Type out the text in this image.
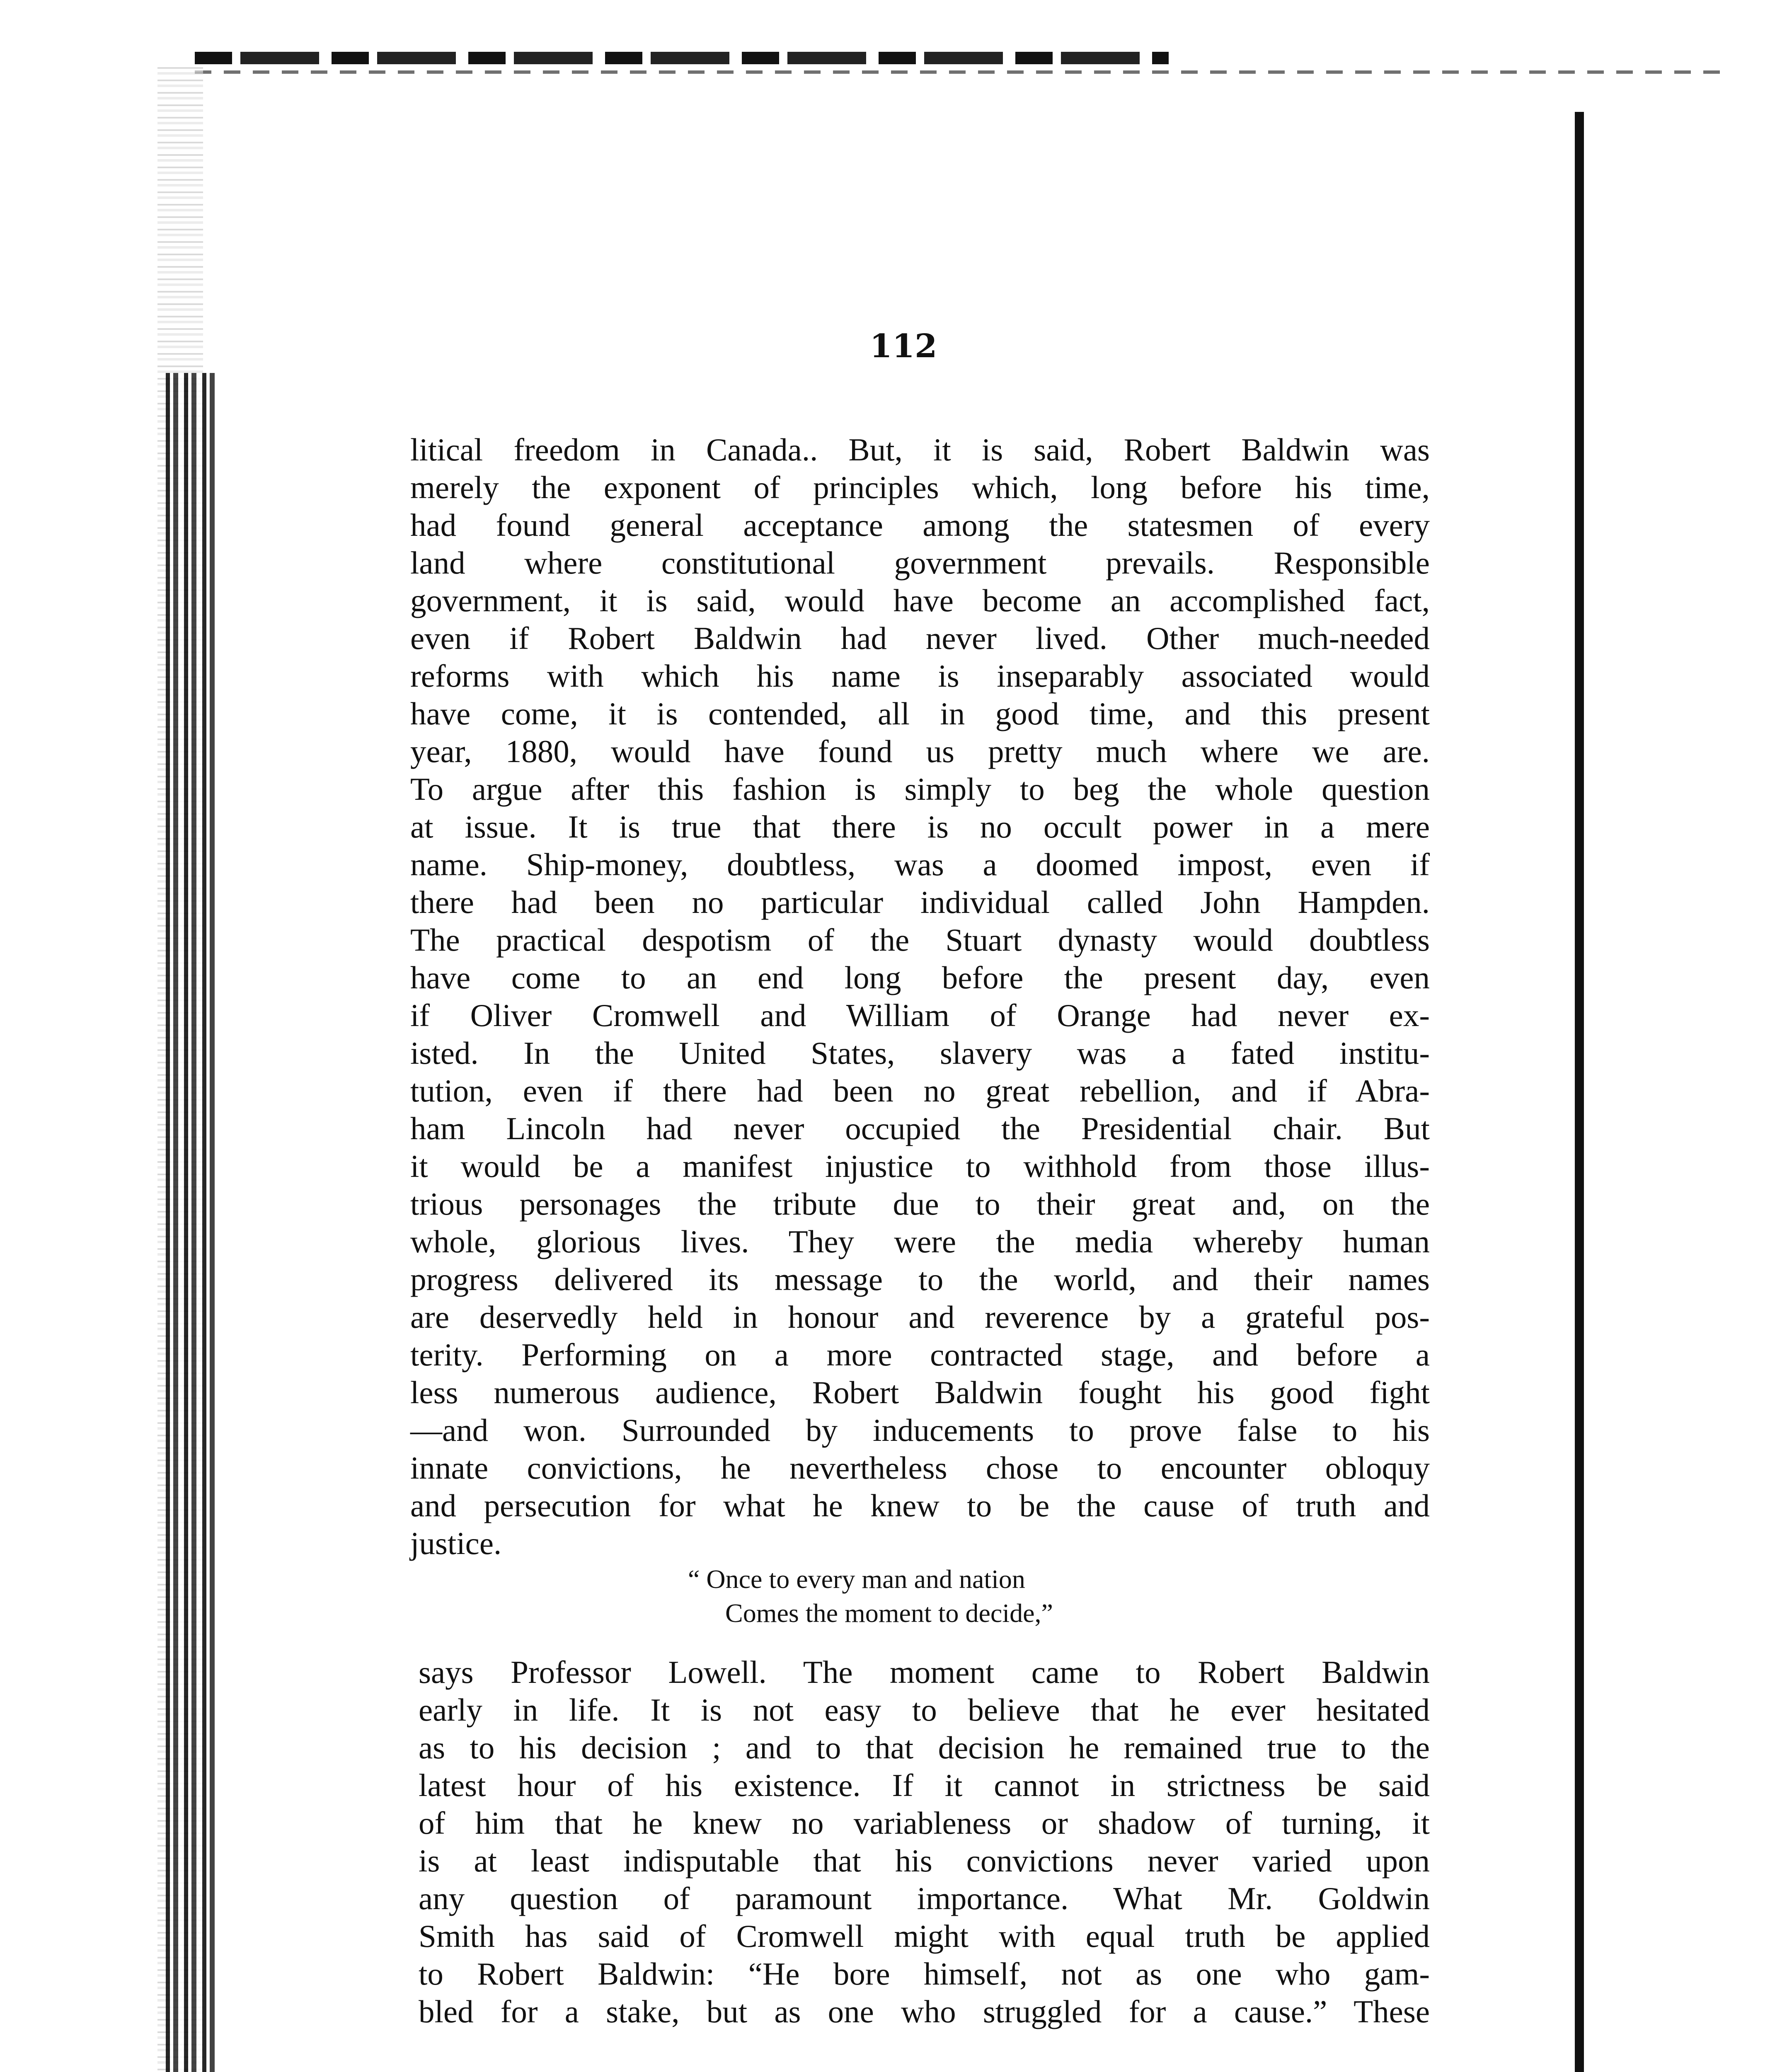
112
litical freedom in Canada.. But, it is said, Robert Baldwin was
merely the exponent of principles which, long before his time,
had found general acceptance among the statesmen of every
land where constitutional government prevails. Responsible
government, it is said, would have become an accomplished fact,
even if Robert Baldwin had never lived. Other much-needed
reforms with which his name is inseparably associated would
have come, it is contended, all in good time, and this present
year, 1880, would have found us pretty much where we are.
To argue after this fashion is simply to beg the whole question
at issue. It is true that there is no occult power in a mere
name. Ship-money, doubtless, was a doomed impost, even if
there had been no particular individual called John Hampden.
The practical despotism of the Stuart dynasty would doubtless
have come to an end long before the present day, even
if Oliver Cromwell and William of Orange had never ex-
isted. In the United States, slavery was a fated institu-
tution, even if there had been no great rebellion, and if Abra-
ham Lincoln had never occupied the Presidential chair. But
it would be a manifest injustice to withhold from those illus-
trious personages the tribute due to their great and, on the
whole, glorious lives. They were the media whereby human
progress delivered its message to the world, and their names
are deservedly held in honour and reverence by a grateful pos-
terity. Performing on a more contracted stage, and before a
less numerous audience, Robert Baldwin fought his good fight
—and won. Surrounded by inducements to prove false to his
innate convictions, he nevertheless chose to encounter obloquy
and persecution for what he knew to be the cause of truth and
justice.
“ Once to every man and nation
Comes the moment to decide,”
says Professor Lowell. The moment came to Robert Baldwin
early in life. It is not easy to believe that he ever hesitated
as to his decision ; and to that decision he remained true to the
latest hour of his existence. If it cannot in strictness be said
of him that he knew no variableness or shadow of turning, it
is at least indisputable that his convictions never varied upon
any question of paramount importance. What Mr. Goldwin
Smith has said of Cromwell might with equal truth be applied
to Robert Baldwin: “He bore himself, not as one who gam-
bled for a stake, but as one who struggled for a cause.” These
